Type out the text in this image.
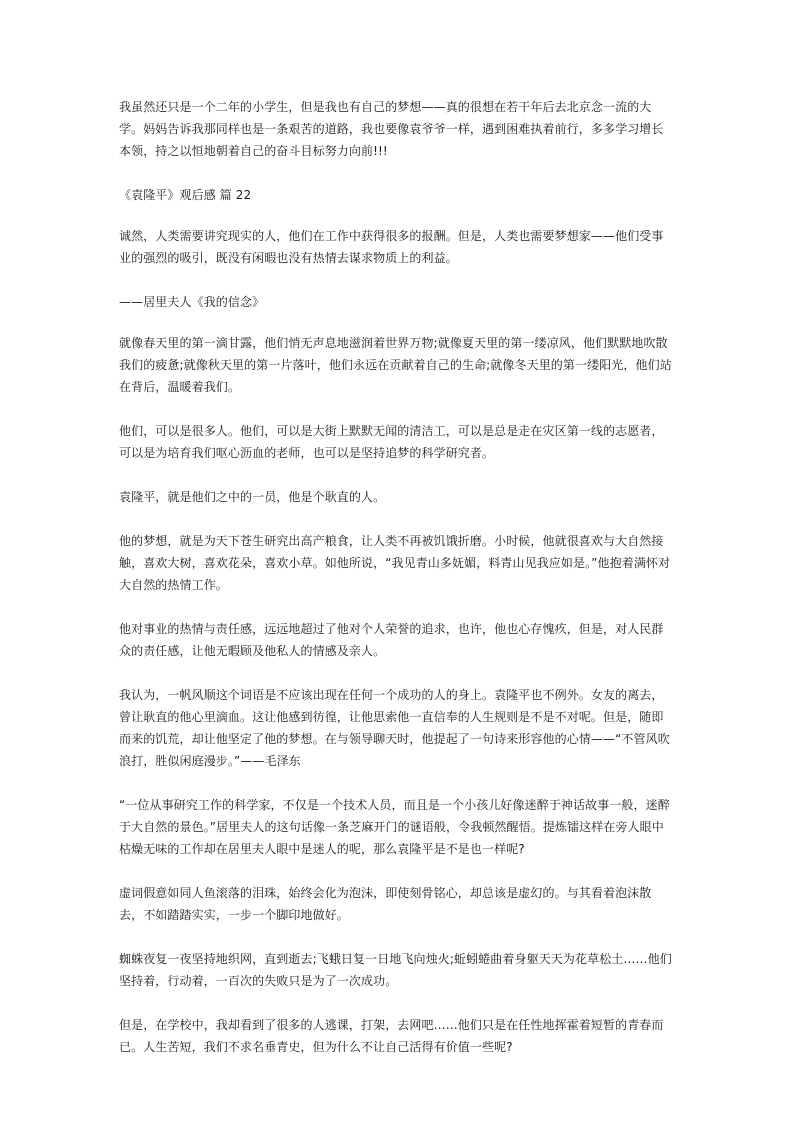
我虽然还只是一个二年的小学生，但是我也有自己的梦想——真的很想在若干年后去北京念一流的大学。妈妈告诉我那同样也是一条艰苦的道路，我也要像袁爷爷一样，遇到困难执着前行，多多学习增长本领，持之以恒地朝着自己的奋斗目标努力向前!!!

《袁隆平》观后感 篇 22

诚然，人类需要讲究现实的人，他们在工作中获得很多的报酬。但是，人类也需要梦想家——他们受事业的强烈的吸引，既没有闲暇也没有热情去谋求物质上的利益。

——居里夫人《我的信念》

就像春天里的第一滴甘露，他们悄无声息地滋润着世界万物;就像夏天里的第一缕凉风，他们默默地吹散我们的疲惫;就像秋天里的第一片落叶，他们永远在贡献着自己的生命;就像冬天里的第一缕阳光，他们站在背后，温暖着我们。

他们，可以是很多人。他们，可以是大街上默默无闻的清洁工，可以是总是走在灾区第一线的志愿者，可以是为培育我们呕心沥血的老师，也可以是坚持追梦的科学研究者。

袁隆平，就是他们之中的一员，他是个耿直的人。

他的梦想，就是为天下苍生研究出高产粮食，让人类不再被饥饿折磨。小时候，他就很喜欢与大自然接触，喜欢大树，喜欢花朵，喜欢小草。如他所说，“我见青山多妩媚，料青山见我应如是。”他抱着满怀对大自然的热情工作。

他对事业的热情与责任感，远远地超过了他对个人荣誉的追求，也许，他也心存愧疚，但是，对人民群众的责任感，让他无暇顾及他私人的情感及亲人。

我认为，一帆风顺这个词语是不应该出现在任何一个成功的人的身上。袁隆平也不例外。女友的离去，曾让耿直的他心里滴血。这让他感到彷徨，让他思索他一直信奉的人生规则是不是不对呢。但是，随即而来的饥荒，却让他坚定了他的梦想。在与领导聊天时，他提起了一句诗来形容他的心情——“不管风吹浪打，胜似闲庭漫步。”——毛泽东

“一位从事研究工作的科学家，不仅是一个技术人员，而且是一个小孩儿好像迷醉于神话故事一般，迷醉于大自然的景色。”居里夫人的这句话像一条芝麻开门的谜语般，令我顿然醒悟。提炼镭这样在旁人眼中枯燥无味的工作却在居里夫人眼中是迷人的呢，那么袁隆平是不是也一样呢?

虚词假意如同人鱼滚落的泪珠，始终会化为泡沫，即使刻骨铭心，却总该是虚幻的。与其看着泡沫散去，不如踏踏实实，一步一个脚印地做好。

蜘蛛夜复一夜坚持地织网，直到逝去;飞蛾日复一日地飞向烛火;蚯蚓蜷曲着身躯天天为花草松土……他们坚持着，行动着，一百次的失败只是为了一次成功。

但是，在学校中，我却看到了很多的人逃课，打架，去网吧……他们只是在任性地挥霍着短暂的青春而已。人生苦短，我们不求名垂青史，但为什么不让自己活得有价值一些呢?
